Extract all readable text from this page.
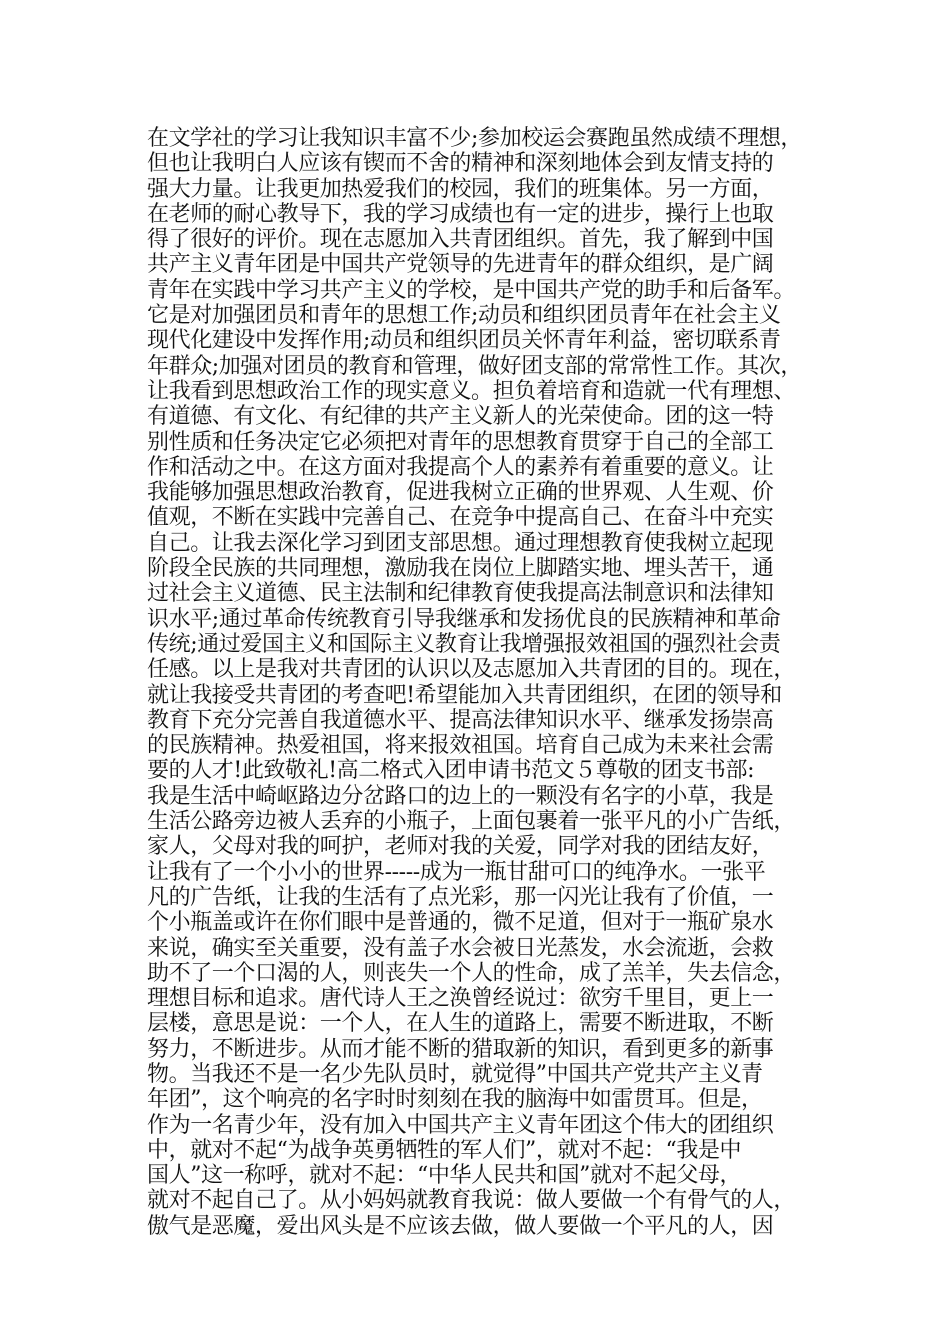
在文学社的学习让我知识丰富不少;参加校运会赛跑虽然成绩不理想，
但也让我明白人应该有锲而不舍的精神和深刻地体会到友情支持的
强大力量。让我更加热爱我们的校园，我们的班集体。另一方面，
在老师的耐心教导下，我的学习成绩也有一定的进步，操行上也取
得了很好的评价。现在志愿加入共青团组织。首先，我了解到中国
共产主义青年团是中国共产党领导的先进青年的群众组织，是广阔
青年在实践中学习共产主义的学校，是中国共产党的助手和后备军。
它是对加强团员和青年的思想工作;动员和组织团员青年在社会主义
现代化建设中发挥作用;动员和组织团员关怀青年利益，密切联系青
年群众;加强对团员的教育和管理，做好团支部的常常性工作。其次，
让我看到思想政治工作的现实意义。担负着培育和造就一代有理想、
有道德、有文化、有纪律的共产主义新人的光荣使命。团的这一特
别性质和任务决定它必须把对青年的思想教育贯穿于自己的全部工
作和活动之中。在这方面对我提高个人的素养有着重要的意义。让
我能够加强思想政治教育，促进我树立正确的世界观、人生观、价
值观，不断在实践中完善自己、在竞争中提高自己、在奋斗中充实
自己。让我去深化学习到团支部思想。通过理想教育使我树立起现
阶段全民族的共同理想，激励我在岗位上脚踏实地、埋头苦干，通
过社会主义道德、民主法制和纪律教育使我提高法制意识和法律知
识水平;通过革命传统教育引导我继承和发扬优良的民族精神和革命
传统;通过爱国主义和国际主义教育让我增强报效祖国的强烈社会责
任感。以上是我对共青团的认识以及志愿加入共青团的目的。现在，
就让我接受共青团的考查吧!希望能加入共青团组织，在团的领导和
教育下充分完善自我道德水平、提高法律知识水平、继承发扬崇高
的民族精神。热爱祖国，将来报效祖国。培育自己成为未来社会需
要的人才!此致敬礼!高二格式入团申请书范文５尊敬的团支书部:
我是生活中崎岖路边分岔路口的边上的一颗没有名字的小草，我是
生活公路旁边被人丢弃的小瓶子，上面包裹着一张平凡的小广告纸，
家人，父母对我的呵护，老师对我的关爱，同学对我的团结友好，
让我有了一个小小的世界-----成为一瓶甘甜可口的纯净水。一张平
凡的广告纸，让我的生活有了点光彩，那一闪光让我有了价值，一
个小瓶盖或许在你们眼中是普通的，微不足道，但对于一瓶矿泉水
来说，确实至关重要，没有盖子水会被日光蒸发，水会流逝，会救
助不了一个口渴的人，则丧失一个人的性命，成了羔羊，失去信念，
理想目标和追求。唐代诗人王之涣曾经说过：欲穷千里目，更上一
层楼，意思是说：一个人，在人生的道路上，需要不断进取，不断
努力，不断进步。从而才能不断的猎取新的知识，看到更多的新事
物。当我还不是一名少先队员时，就觉得”中国共产党共产主义青
年团”，这个响亮的名字时时刻刻在我的脑海中如雷贯耳。但是，
作为一名青少年，没有加入中国共产主义青年团这个伟大的团组织
中，就对不起“为战争英勇牺牲的军人们”，就对不起：“我是中
国人”这一称呼，就对不起：“中华人民共和国”就对不起父母，
就对不起自己了。从小妈妈就教育我说：做人要做一个有骨气的人，
傲气是恶魔，爱出风头是不应该去做，做人要做一个平凡的人，因
